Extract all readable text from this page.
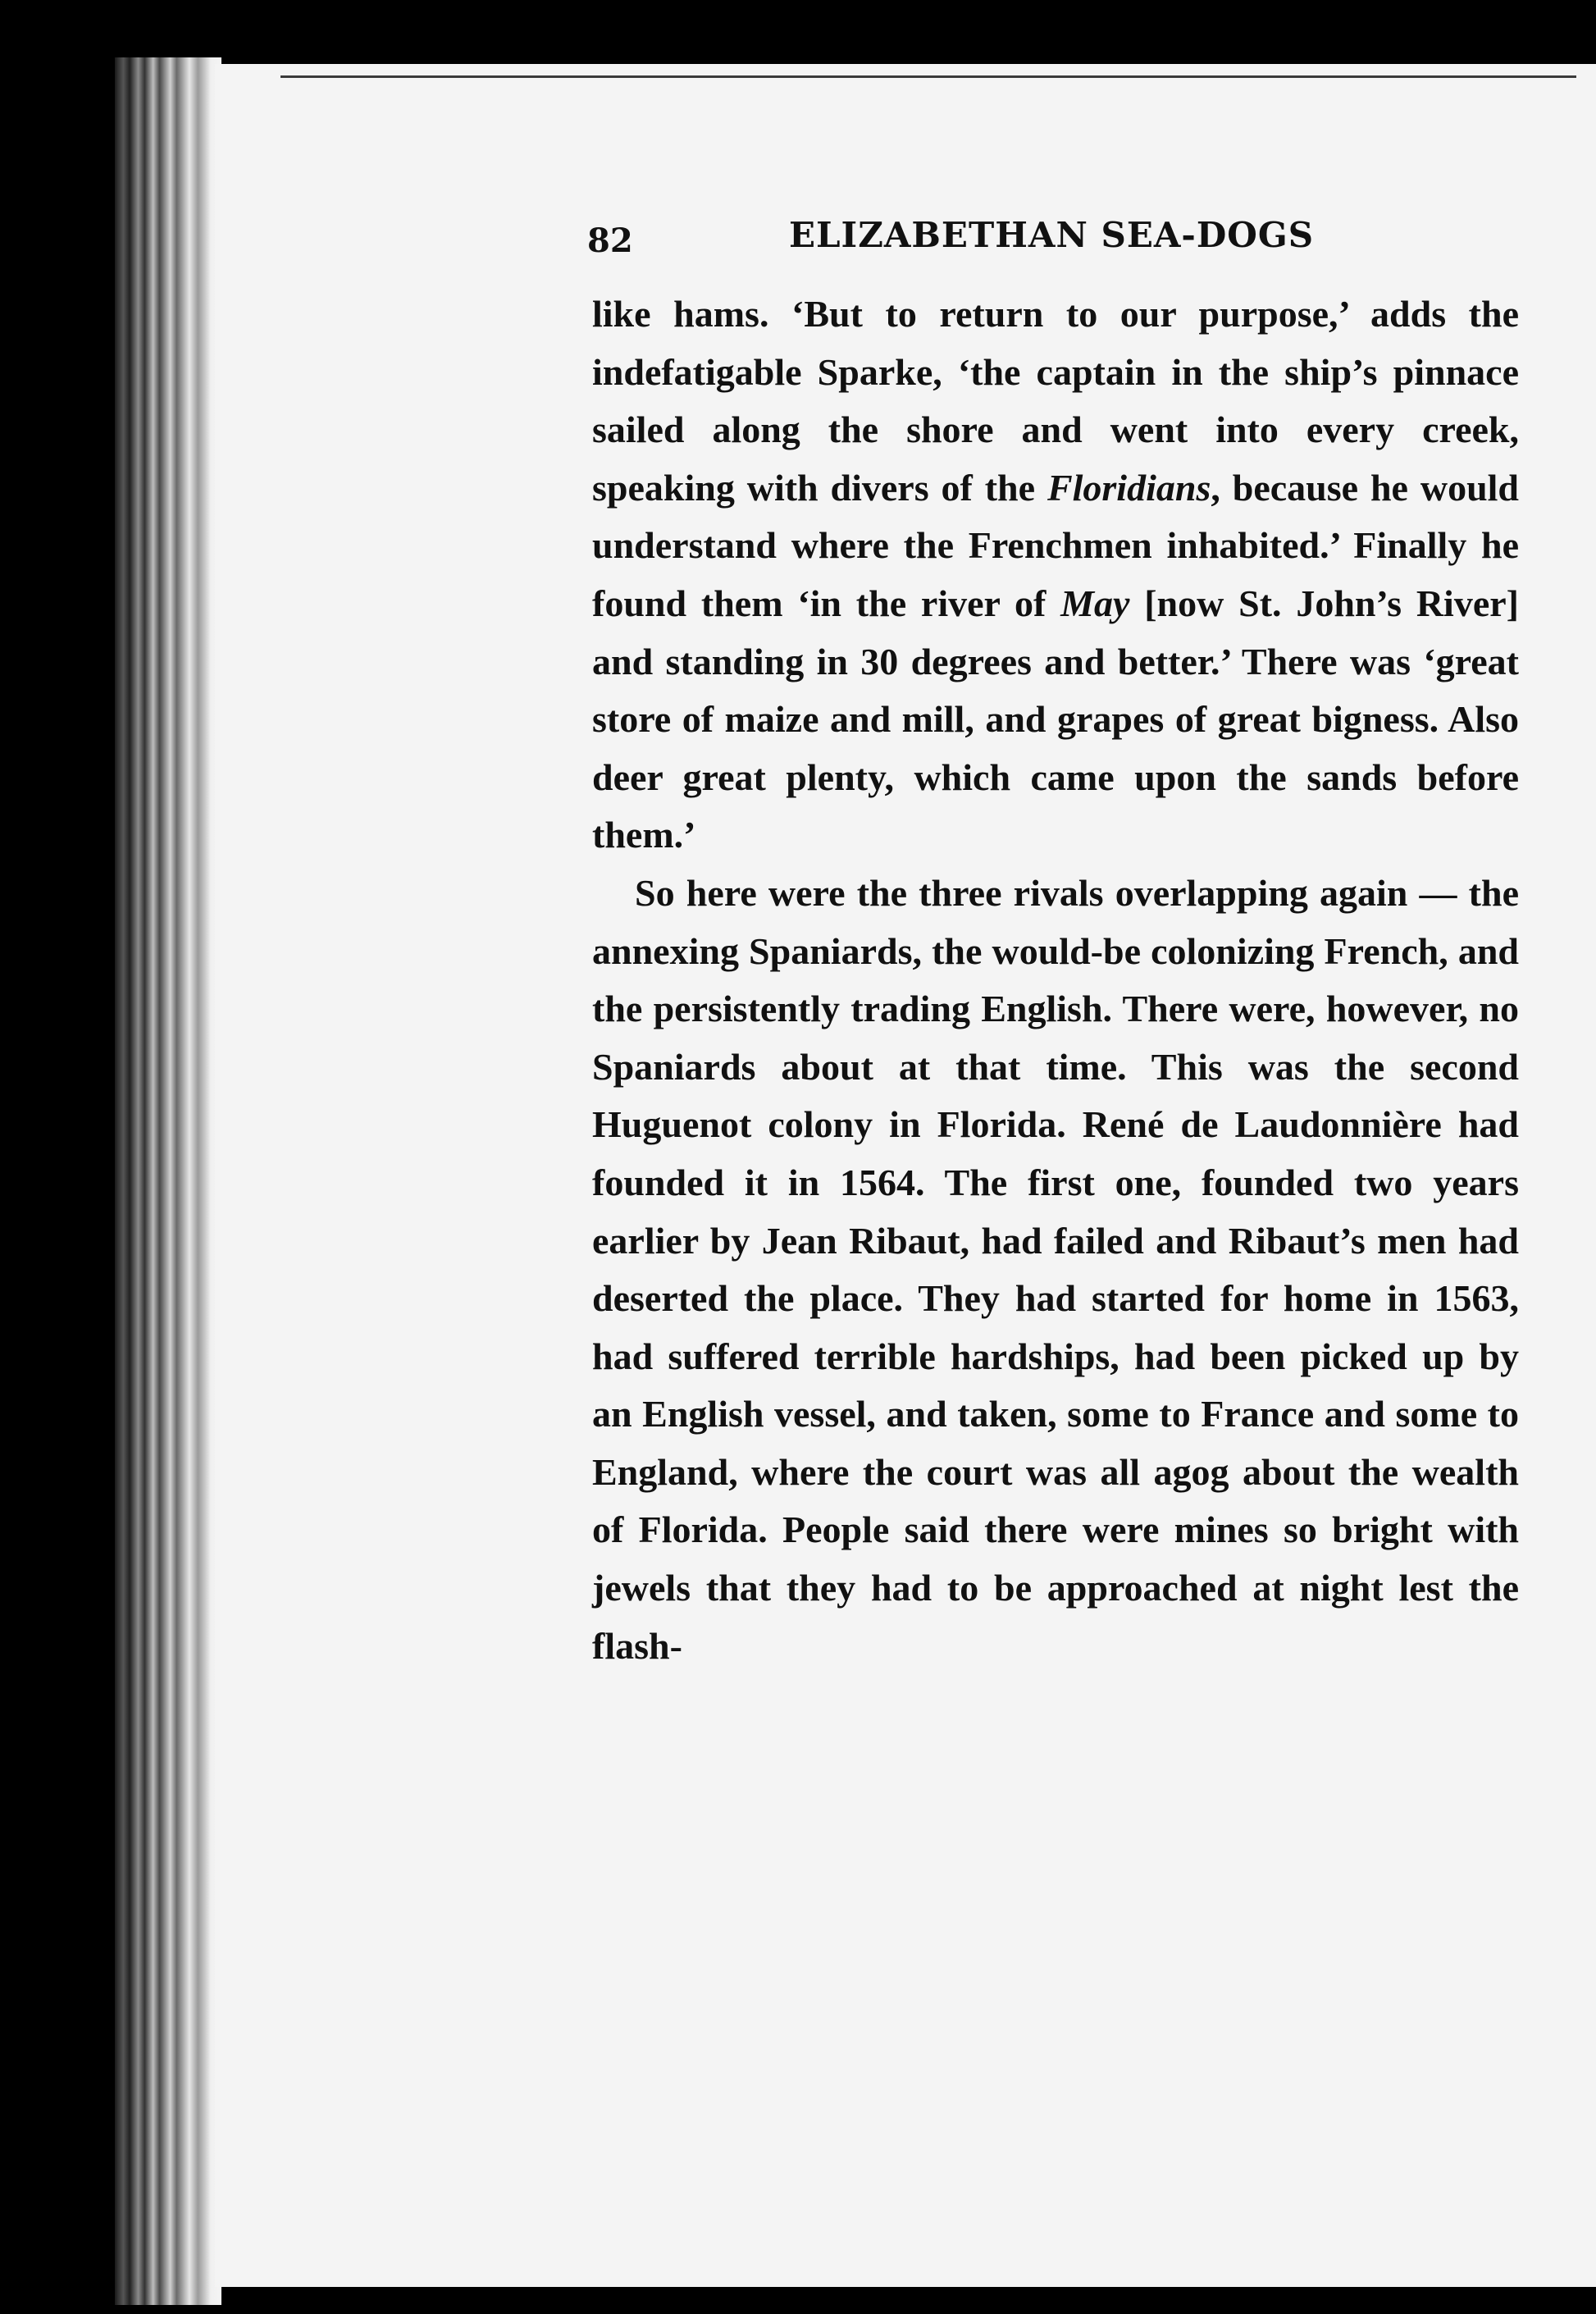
82	ELIZABETHAN SEA-DOGS

like hams. ‘But to return to our purpose,’ adds the indefatigable Sparke, ‘the captain in the ship’s pinnace sailed along the shore and went into every creek, speaking with divers of the Floridians, because he would understand where the Frenchmen inhabited.’ Finally he found them ‘in the river of May [now St. John’s River] and standing in 30 degrees and better.’ There was ‘great store of maize and mill, and grapes of great bigness. Also deer great plenty, which came upon the sands before them.’

So here were the three rivals overlapping again — the annexing Spaniards, the would-be colonizing French, and the persistently trading English. There were, however, no Spaniards about at that time. This was the second Huguenot colony in Florida. René de Laudonnière had founded it in 1564. The first one, founded two years earlier by Jean Ribaut, had failed and Ribaut’s men had deserted the place. They had started for home in 1563, had suffered terrible hardships, had been picked up by an English vessel, and taken, some to France and some to England, where the court was all agog about the wealth of Florida. People said there were mines so bright with jewels that they had to be approached at night lest the flash-
